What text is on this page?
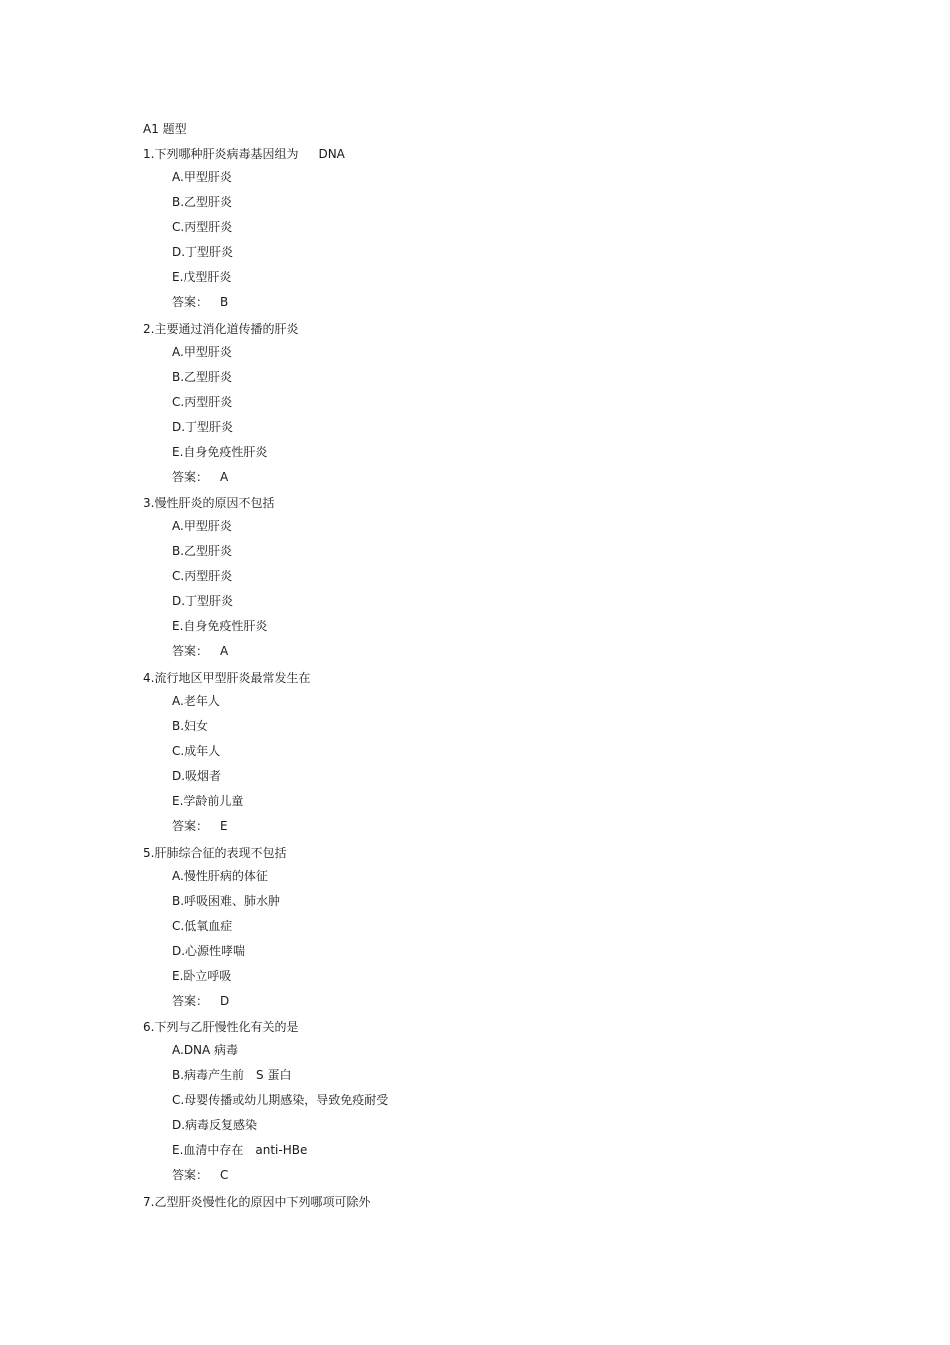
A1 题型
1.下列哪种肝炎病毒基因组为 DNA
A.甲型肝炎
B.乙型肝炎
C.丙型肝炎
D.丁型肝炎
E.戊型肝炎
答案： B
2.主要通过消化道传播的肝炎
A.甲型肝炎
B.乙型肝炎
C.丙型肝炎
D.丁型肝炎
E.自身免疫性肝炎
答案： A
3.慢性肝炎的原因不包括
A.甲型肝炎
B.乙型肝炎
C.丙型肝炎
D.丁型肝炎
E.自身免疫性肝炎
答案： A
4.流行地区甲型肝炎最常发生在
A.老年人
B.妇女
C.成年人
D.吸烟者
E.学龄前儿童
答案： E
5.肝肺综合征的表现不包括
A.慢性肝病的体征
B.呼吸困难、肺水肿
C.低氧血症
D.心源性哮喘
E.卧立呼吸
答案： D
6.下列与乙肝慢性化有关的是
A.DNA 病毒
B.病毒产生前　S 蛋白
C.母婴传播或幼儿期感染，导致免疫耐受
D.病毒反复感染
E.血清中存在　anti-HBe
答案： C
7.乙型肝炎慢性化的原因中下列哪项可除外
